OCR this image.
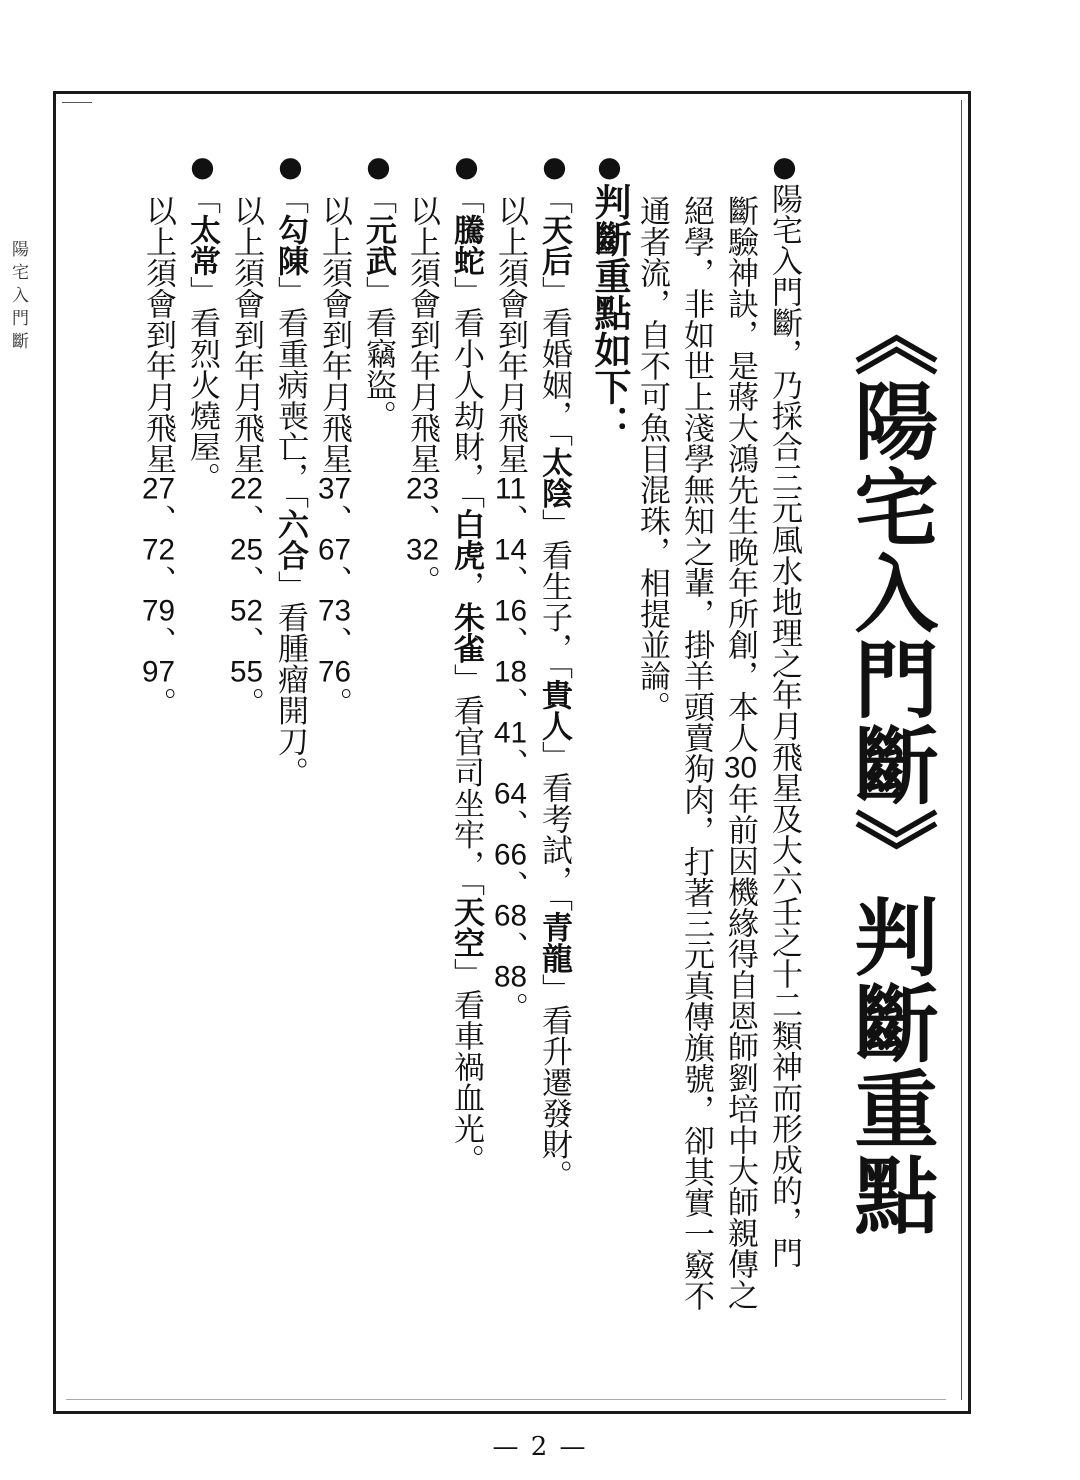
陽宅入門斷	《陽宅入門斷》判斷重點
●陽宅入門斷，乃採合三元風水地理之年月飛星及大六壬之十二類神而形成的，門
斷驗神訣，是蔣大鴻先生晚年所創，本人30年前因機緣得自恩師劉培中大師親傳之
絕學，非如世上淺學無知之輩，掛羊頭賣狗肉，打著三元真傳旗號，卻其實一竅不
通者流，自不可魚目混珠，相提並論。
●判斷重點如下：
●「天后」看婚姻，「太陰」看生子，「貴人」看考試，「青龍」看升遷發財。
以上須會到年月飛星11、14、16、18、41、64、66、68、88。
●「騰蛇」看小人劫財，「白虎，朱雀」看官司坐牢，「天空」看車禍血光。
以上須會到年月飛星23、32。
●「元武」看竊盜。
以上須會到年月飛星37、67、73、76。
●「勾陳」看重病喪亡，「六合」看腫瘤開刀。
以上須會到年月飛星22、25、52、55。
●「太常」看烈火燒屋。
以上須會到年月飛星27、72、79、97。
— 2 —
